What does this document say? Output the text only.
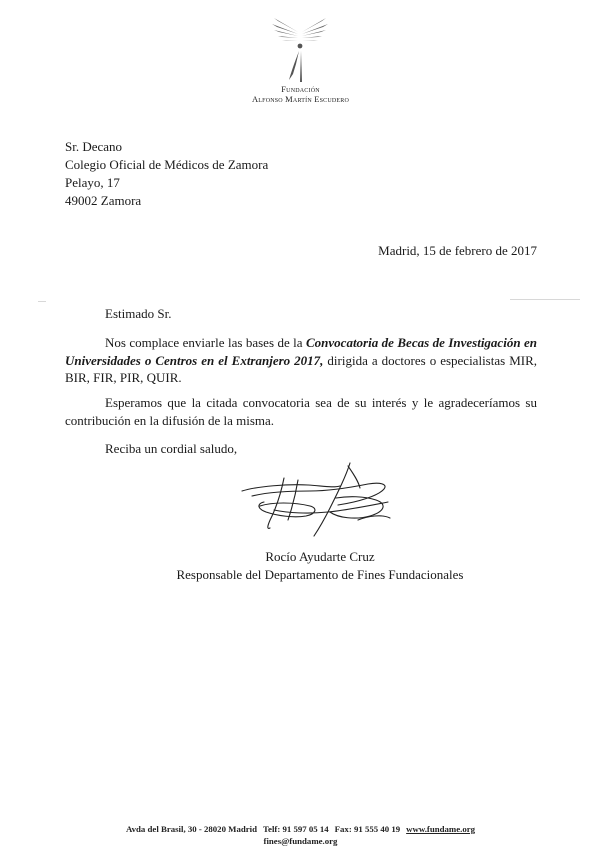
Fundación
Alfonso Martín Escudero
Sr. Decano
Colegio Oficial de Médicos de Zamora
Pelayo, 17
49002 Zamora
Madrid, 15 de febrero de 2017
Estimado Sr.

Nos complace enviarle las bases de la Convocatoria de Becas de Investigación en Universidades o Centros en el Extranjero 2017, dirigida a doctores o especialistas MIR, BIR, FIR, PIR, QUIR.

Esperamos que la citada convocatoria sea de su interés y le agradeceríamos su contribución en la difusión de la misma.

Reciba un cordial saludo,
Rocío Ayudarte Cruz
Responsable del Departamento de Fines Fundacionales
Avda del Brasil, 30 - 28020 Madrid Telf: 91 597 05 14 Fax: 91 555 40 19 www.fundame.org
fines@fundame.org
